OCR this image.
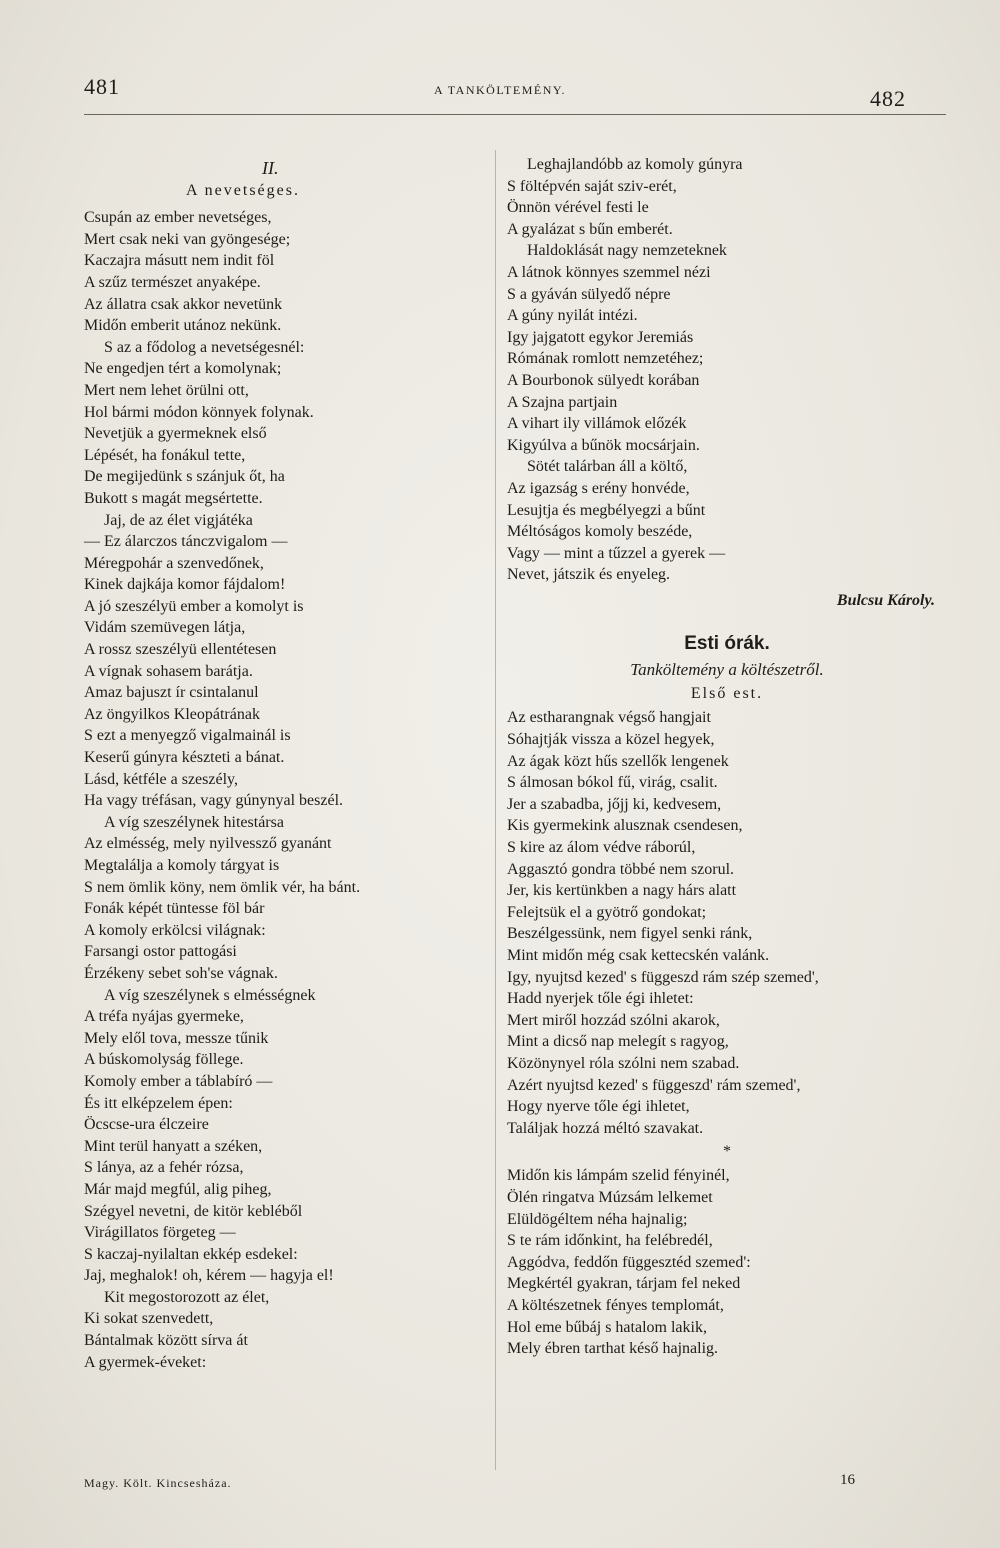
481	A TANKÖLTEMÉNY.	482
II.
A nevetséges.
Csupán az ember nevetséges,
Mert csak neki van gyöngesége;
Kaczajra másutt nem indit föl
A szűz természet anyaképe.
Az állatra csak akkor nevetünk
Midőn emberit utánoz nekünk.
S az a fődolog a nevetségesnél:
Ne engedjen tért a komolynak;
Mert nem lehet örülni ott,
Hol bármi módon könnyek folynak.
Nevetjük a gyermeknek első
Lépését, ha fonákul tette,
De megijedünk s szánjuk őt, ha
Bukott s magát megsértette.
Jaj, de az élet vigjátéka
— Ez álarczos tánczvigalom —
Méregpohár a szenvedőnek,
Kinek dajkája komor fájdalom!
A jó szeszélyü ember a komolyt is
Vidám szemüvegen látja,
A rossz szeszélyü ellentétesen
A vígnak sohasem barátja.
Amaz bajuszt ír csintalanul
Az öngyilkos Kleopátrának
S ezt a menyegző vigalmainál is
Keserű gúnyra készteti a bánat.
Lásd, kétféle a szeszély,
Ha vagy tréfásan, vagy gúnynyal beszél.
A víg szeszélynek hitestársa
Az elmésség, mely nyilvessző gyanánt
Megtalálja a komoly tárgyat is
S nem ömlik köny, nem ömlik vér, ha bánt.
Fonák képét tüntesse föl bár
A komoly erkölcsi világnak:
Farsangi ostor pattogási
Érzékeny sebet soh'se vágnak.
A víg szeszélynek s elmésségnek
A tréfa nyájas gyermeke,
Mely elől tova, messze tűnik
A búskomolyság föllege.
Komoly ember a táblabíró —
És itt elképzelem épen:
Öcscse-ura élczeire
Mint terül hanyatt a széken,
S lánya, az a fehér rózsa,
Már majd megfúl, alig piheg,
Szégyel nevetni, de kitör kebléből
Virágillatos förgeteg —
S kaczaj-nyilaltan ekkép esdekel:
Jaj, meghalok! oh, kérem — hagyja el!
Kit megostorozott az élet,
Ki sokat szenvedett,
Bántalmak között sírva át
A gyermek-éveket:
Leghajlandóbb az komoly gúnyra
S föltépvén saját sziv-erét,
Önnön vérével festi le
A gyalázat s bűn emberét.
Haldoklását nagy nemzeteknek
A látnok könnyes szemmel nézi
S a gyáván sülyedő népre
A gúny nyilát intézi.
Igy jajgatott egykor Jeremiás
Rómának romlott nemzetéhez;
A Bourbonok sülyedt korában
A Szajna partjain
A vihart ily villámok előzék
Kigyúlva a bűnök mocsárjain.
Sötét talárban áll a költő,
Az igazság s erény honvéde,
Lesujtja és megbélyegzi a bűnt
Méltóságos komoly beszéde,
Vagy — mint a tűzzel a gyerek —
Nevet, játszik és enyeleg.
Bulcsu Károly.
Esti órák.
Tanköltemény a költészetről.
Első est.
Az estharangnak végső hangjait
Sóhajtják vissza a közel hegyek,
Az ágak közt hűs szellők lengenek
S álmosan bókol fű, virág, csalit.
Jer a szabadba, jőjj ki, kedvesem,
Kis gyermekink alusznak csendesen,
S kire az álom védve ráborúl,
Aggasztó gondra többé nem szorul.
Jer, kis kertünkben a nagy hárs alatt
Felejtsük el a gyötrő gondokat;
Beszélgessünk, nem figyel senki ránk,
Mint midőn még csak kettecskén valánk.
Igy, nyujtsd kezed' s függeszd rám szép szemed',
Hadd nyerjek tőle égi ihletet:
Mert miről hozzád szólni akarok,
Mint a dicső nap melegít s ragyog,
Közönynyel róla szólni nem szabad.
Azért nyujtsd kezed' s függeszd' rám szemed',
Hogy nyerve tőle égi ihletet,
Találjak hozzá méltó szavakat.
*
Midőn kis lámpám szelid fényinél,
Ölén ringatva Múzsám lelkemet
Elüldögéltem néha hajnalig;
S te rám időnkint, ha felébredél,
Aggódva, feddőn függesztéd szemed':
Megkértél gyakran, tárjam fel neked
A költészetnek fényes templomát,
Hol eme bűbáj s hatalom lakik,
Mely ébren tarthat késő hajnalig.
Magy. Költ. Kincsesháza.	16
